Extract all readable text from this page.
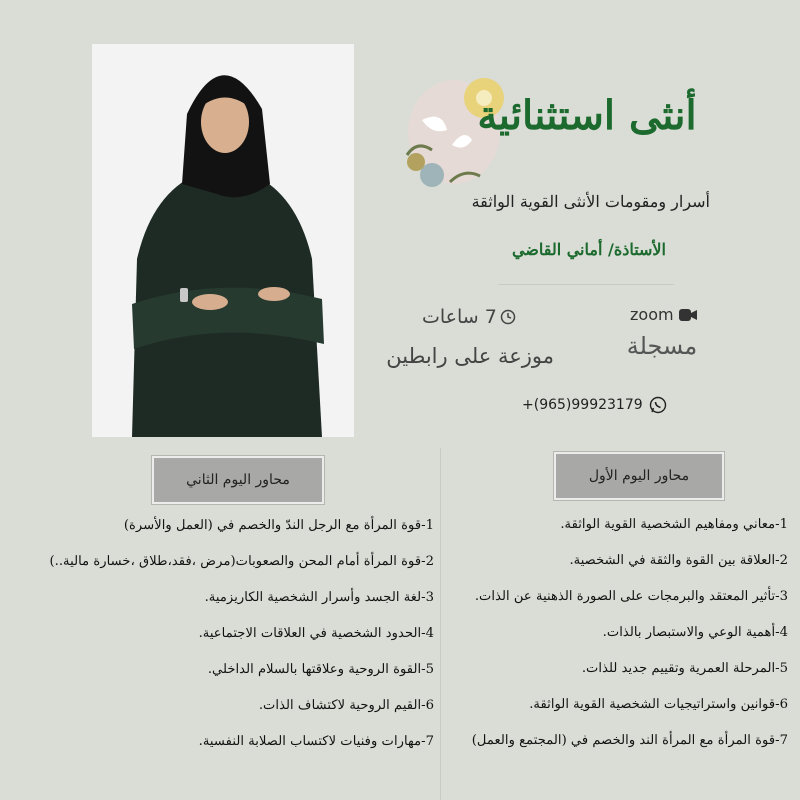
أنثى استثنائية
أسرار ومقومات الأنثى القوية الواثقة
الأستاذة/ أماني القاضي
zoom
مسجلة
7 ساعات
موزعة على رابطين
+(965)99923179
محاور اليوم الأول
محاور اليوم الثاني
1-معاني ومفاهيم الشخصية القوية الواثقة.
2-العلاقة بين القوة والثقة في الشخصية.
3-تأثير المعتقد والبرمجات على الصورة الذهنية عن الذات.
4-أهمية الوعي والاستبصار بالذات.
5-المرحلة العمرية وتقييم جديد للذات.
6-قوانين واستراتيجيات الشخصية القوية الواثقة.
7-قوة المرأة مع المرأة الند والخصم في (المجتمع والعمل)
1-قوة المرأة مع الرجل الندّ والخصم في (العمل والأسرة)
2-قوة المرأة أمام المحن والصعوبات(مرض ،فقد،طلاق ،خسارة مالية..)
3-لغة الجسد وأسرار الشخصية الكاريزمية.
4-الحدود الشخصية في العلاقات الاجتماعية.
5-القوة الروحية وعلاقتها بالسلام الداخلي.
6-القيم الروحية لاكتشاف الذات.
7-مهارات وفنيات لاكتساب الصلابة النفسية.
